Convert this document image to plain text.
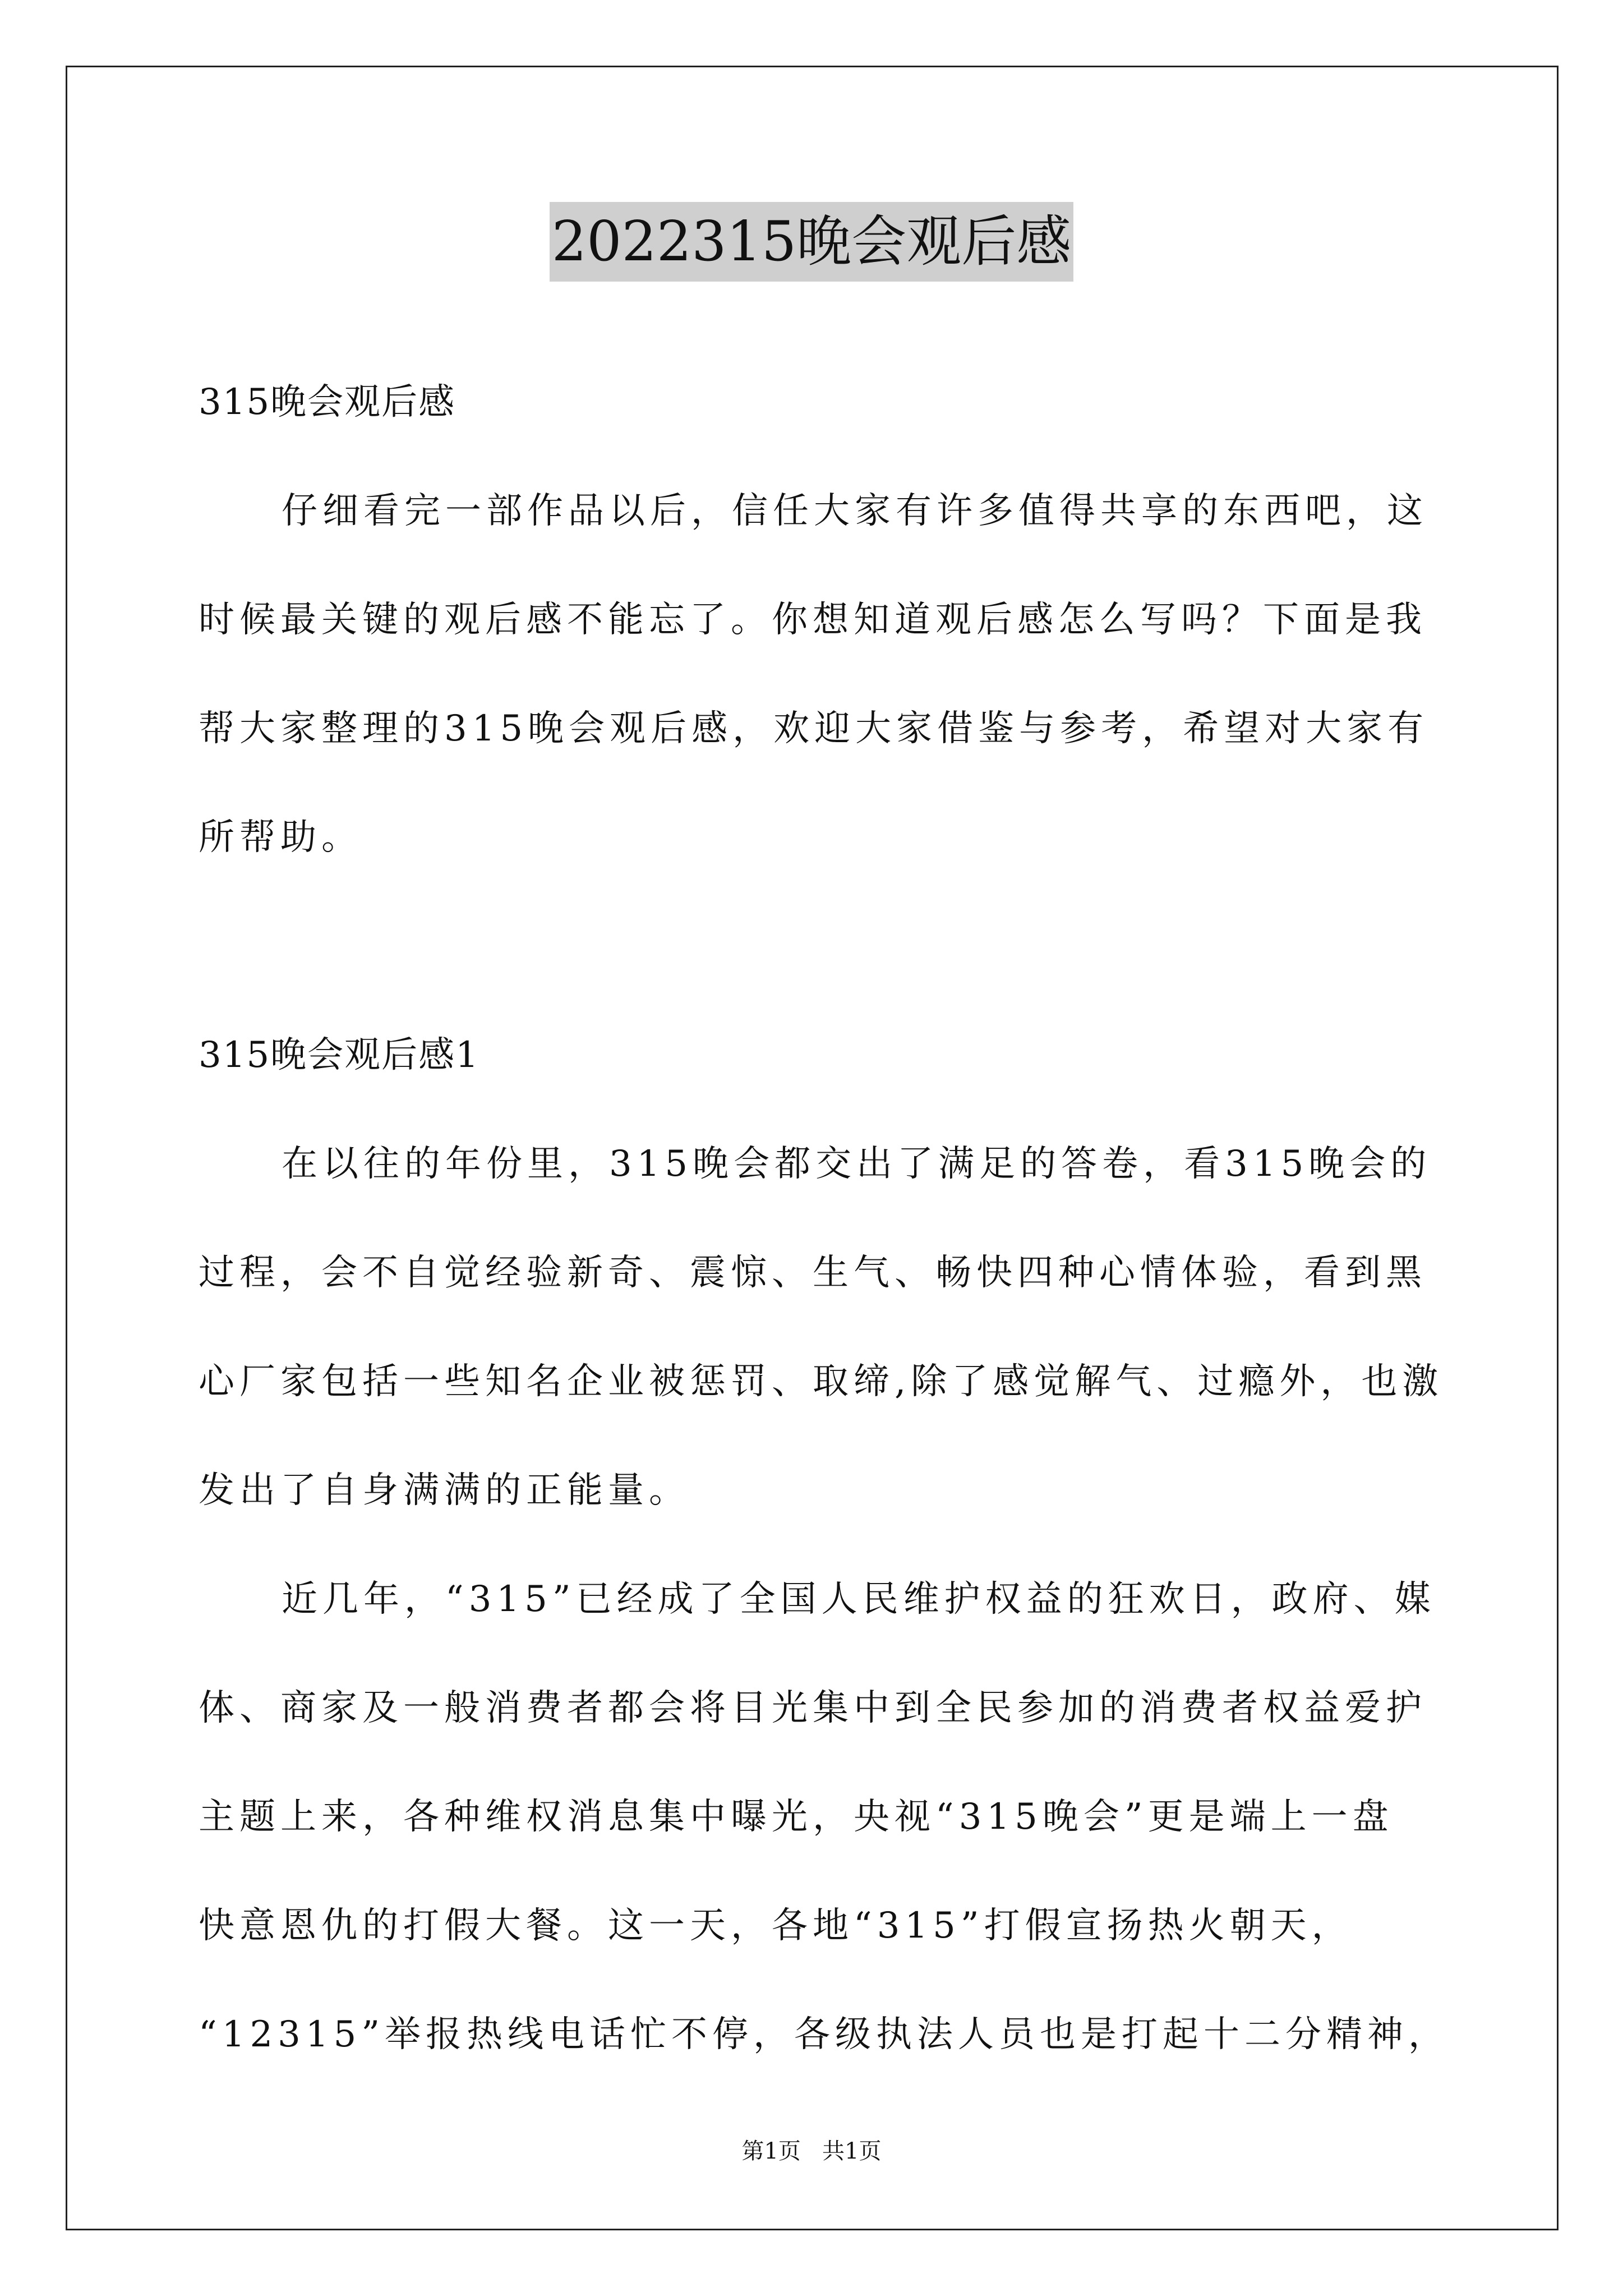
2022315晚会观后感
315晚会观后感
仔细看完一部作品以后，信任大家有许多值得共享的东西吧，这
时候最关键的观后感不能忘了。你想知道观后感怎么写吗？下面是我
帮大家整理的315晚会观后感，欢迎大家借鉴与参考，希望对大家有
所帮助。
315晚会观后感1
在以往的年份里，315晚会都交出了满足的答卷，看315晚会的
过程，会不自觉经验新奇、震惊、生气、畅快四种心情体验，看到黑
心厂家包括一些知名企业被惩罚、取缔,除了感觉解气、过瘾外，也激
发出了自身满满的正能量。
近几年，“315”已经成了全国人民维护权益的狂欢日，政府、媒
体、商家及一般消费者都会将目光集中到全民参加的消费者权益爱护
主题上来，各种维权消息集中曝光，央视“315晚会”更是端上一盘
快意恩仇的打假大餐。这一天，各地“315”打假宣扬热火朝天，
“12315”举报热线电话忙不停，各级执法人员也是打起十二分精神，
第1页   共1页
